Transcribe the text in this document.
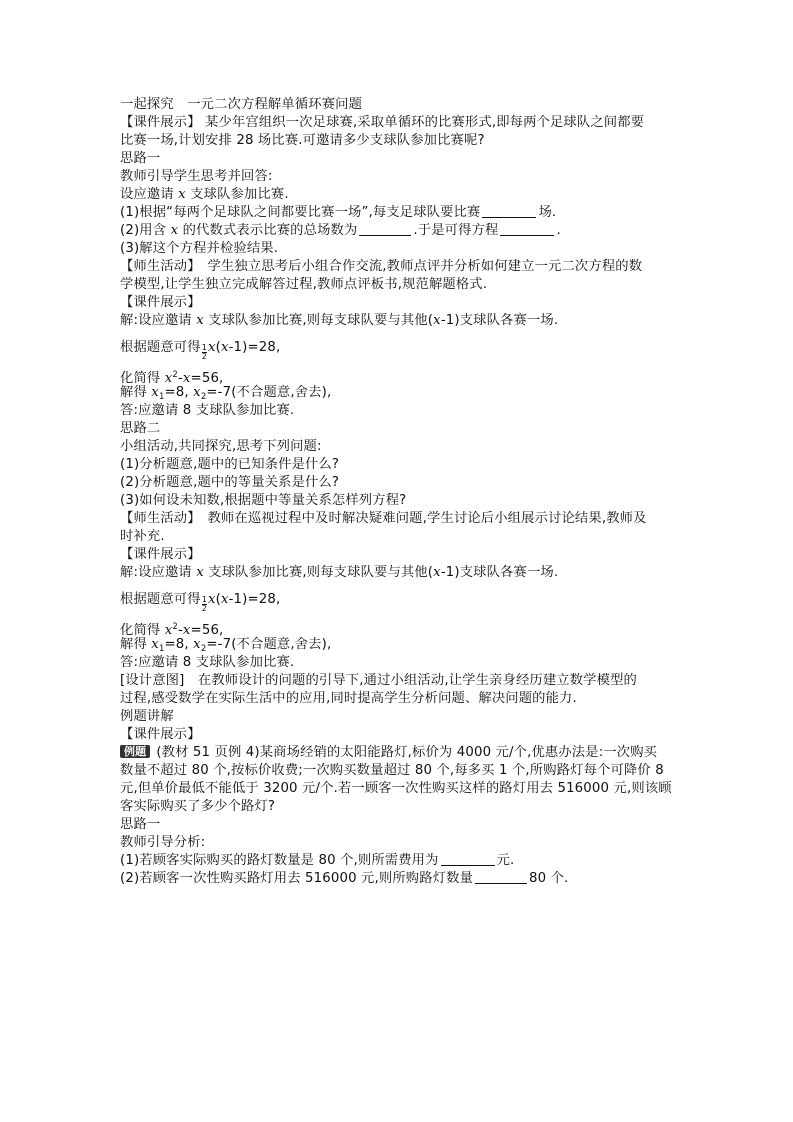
一起探究　一元二次方程解单循环赛问题
【课件展示】 某少年宫组织一次足球赛,采取单循环的比赛形式,即每两个足球队之间都要
比赛一场,计划安排 28 场比赛.可邀请多少支球队参加比赛呢?
思路一
教师引导学生思考并回答:
设应邀请 x 支球队参加比赛.
(1)根据“每两个足球队之间都要比赛一场”,每支足球队要比赛	场.
(2)用含 x 的代数式表示比赛的总场数为	.于是可得方程	.
(3)解这个方程并检验结果.
【师生活动】　学生独立思考后小组合作交流,教师点评并分析如何建立一元二次方程的数
学模型,让学生独立完成解答过程,教师点评板书,规范解题格式.
【课件展示】
解:设应邀请 x 支球队参加比赛,则每支球队要与其他(x-1)支球队各赛一场.
根据题意可得 $\frac{1}{2} x(x-1)=28$,
化简得 $x^2-x=56$,
解得 $x_1=8$, $x_2=-7$(不合题意,舍去),
答:应邀请 8 支球队参加比赛.
思路二
小组活动,共同探究,思考下列问题:
(1)分析题意,题中的已知条件是什么?
(2)分析题意,题中的等量关系是什么?
(3)如何设未知数,根据题中等量关系怎样列方程?
【师生活动】　教师在巡视过程中及时解决疑难问题,学生讨论后小组展示讨论结果,教师及
时补充.
【课件展示】
解:设应邀请 x 支球队参加比赛,则每支球队要与其他(x-1)支球队各赛一场.
根据题意可得 $\frac{1}{2} x(x-1)=28$,
化简得 $x^2-x=56$,
解得 $x_1=8$, $x_2=-7$(不合题意,舍去),
答:应邀请 8 支球队参加比赛.
[设计意图]　在教师设计的问题的引导下,通过小组活动,让学生亲身经历建立数学模型的
过程,感受数学在实际生活中的应用,同时提高学生分析问题、解决问题的能力.
例题讲解
【课件展示】
例题 (教材 51 页例 4)某商场经销的太阳能路灯,标价为 4000 元/个,优惠办法是:一次购买
数量不超过 80 个,按标价收费;一次购买数量超过 80 个,每多买 1 个,所购路灯每个可降价 8
元,但单价最低不能低于 3200 元/个.若一顾客一次性购买这样的路灯用去 516000 元,则该顾
客实际购买了多少个路灯?
思路一
教师引导分析:
(1)若顾客实际购买的路灯数量是 80 个,则所需费用为	元.
(2)若顾客一次性购买路灯用去 516000 元,则所购路灯数量	80 个.
